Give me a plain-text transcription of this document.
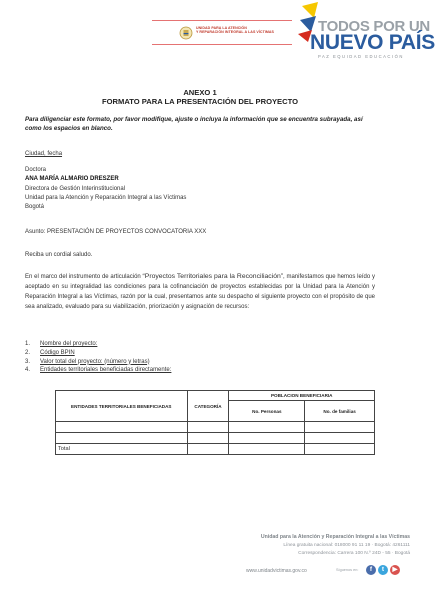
UNIDAD PARA LA ATENCIÓN
Y REPARACIÓN INTEGRAL A LAS VÍCTIMAS	TODOS POR UN
NUEVO PAÍS
PAZ EQUIDAD EDUCACIÓN
ANEXO 1
FORMATO PARA LA PRESENTACIÓN DEL PROYECTO
Para diligenciar este formato, por favor modifique, ajuste o incluya la información que se encuentra subrayada, así como los espacios en blanco.
Ciudad, fecha
Doctora
ANA MARÍA ALMARIO DRESZER
Directora de Gestión Interinstitucional
Unidad para la Atención y Reparación Integral a las Víctimas
Bogotá
Asunto: PRESENTACIÓN DE PROYECTOS CONVOCATORIA XXX
Reciba un cordial saludo.
En el marco del instrumento de articulación “Proyectos Territoriales para la Reconciliación”, manifestamos que hemos leído y aceptado en su integralidad las condiciones para la cofinanciación de proyectos establecidas por la Unidad para la Atención y Reparación Integral a las Víctimas, razón por la cual, presentamos ante su despacho el siguiente proyecto con el propósito de que sea analizado, evaluado para su viabilización, priorización y asignación de recursos:
1. Nombre del proyecto:
2. Código BPIN
3. Valor total del proyecto: (número y letras)
4. Entidades territoriales beneficiadas directamente:
ENTIDADES TERRITORIALES BENEFICIADAS	CATEGORÍA	POBLACION BENEFICIARIA	
		No. Personas	No. de familias

Total			
Unidad para la Atención y Reparación Integral a las Víctimas
Línea gratuita nacional: 018000 91 11 19 · Bogotá: 4261111
Correspondencia: Carrera 100 N.º 24D - 55 · Bogotá
www.unidadvictimas.gov.co	Síguenos en:	f	t	▶
